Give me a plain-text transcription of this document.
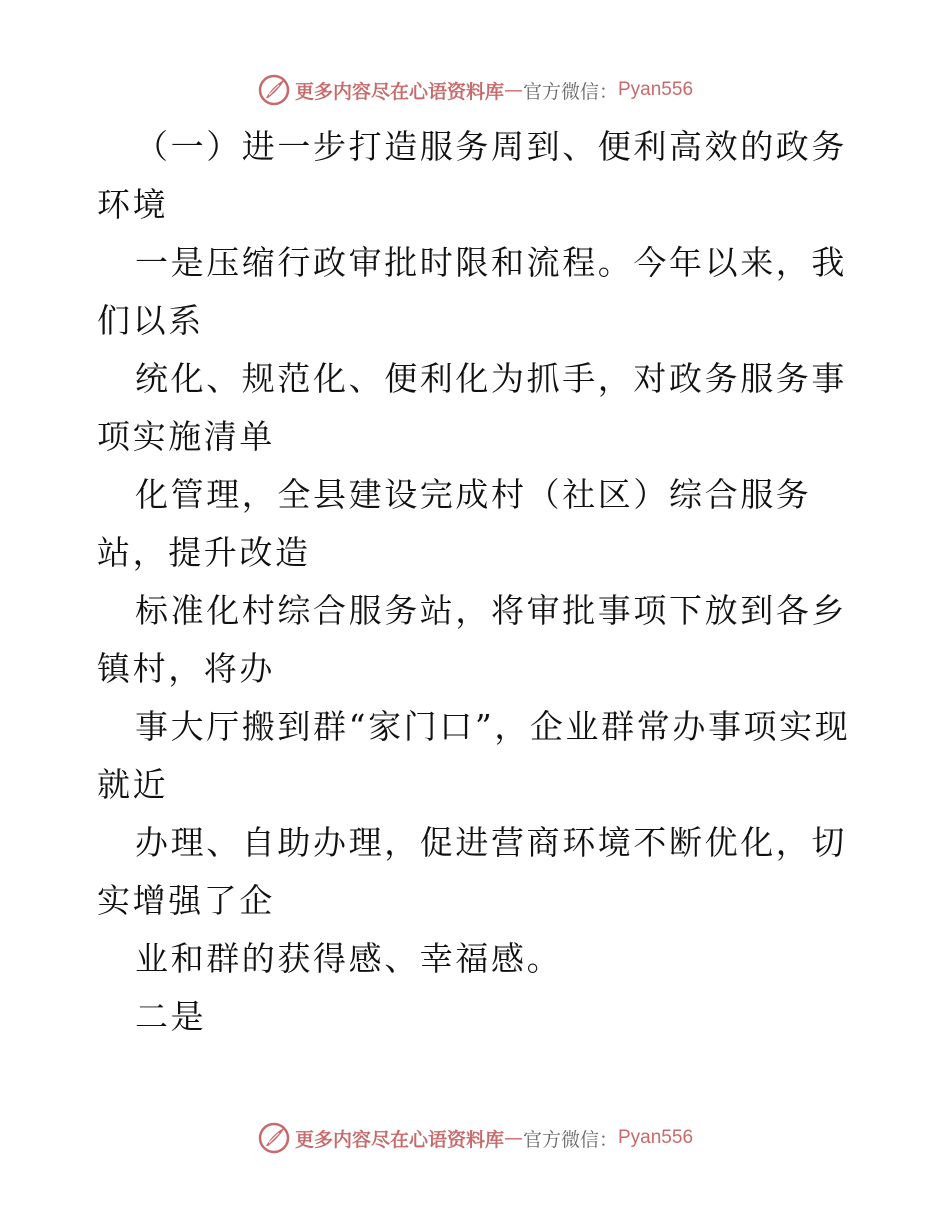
更多内容尽在心语资料库 — 官方微信： Pyan556

（一）进一步打造服务周到、便利高效的政务环境

一是压缩行政审批时限和流程。今年以来，我们以系

统化、规范化、便利化为抓手，对政务服务事项实施清单

化管理，全县建设完成村（社区）综合服务站，提升改造

标准化村综合服务站，将审批事项下放到各乡镇村，将办

事大厅搬到群“家门口”，企业群常办事项实现就近

办理、自助办理，促进营商环境不断优化，切实增强了企

业和群的获得感、幸福感。

二是

更多内容尽在心语资料库 — 官方微信： Pyan556
